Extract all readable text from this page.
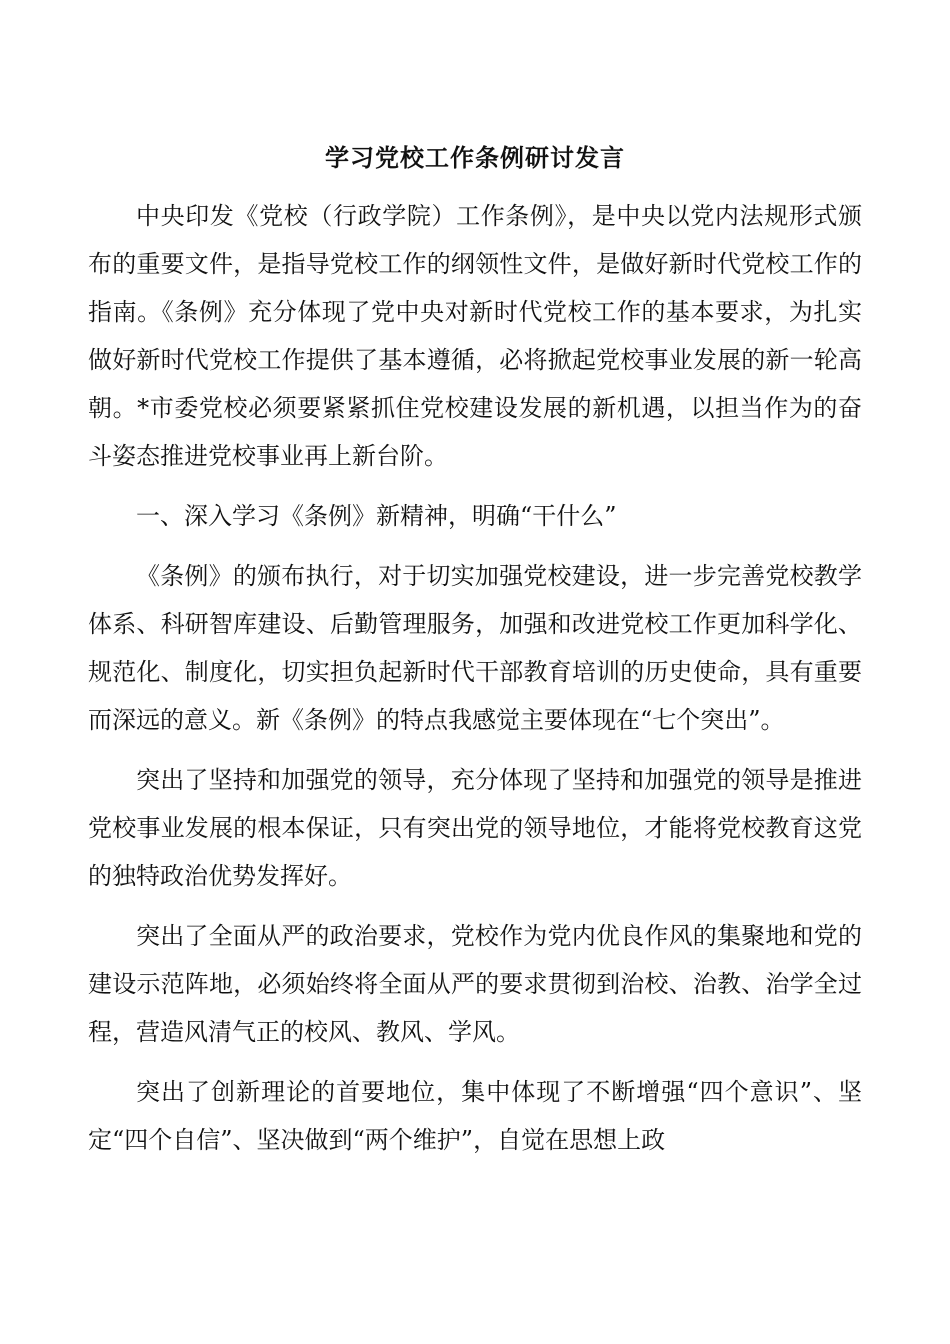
学习党校工作条例研讨发言

中央印发《党校（行政学院）工作条例》，是中央以党内法规形式颁布的重要文件，是指导党校工作的纲领性文件，是做好新时代党校工作的指南。《条例》充分体现了党中央对新时代党校工作的基本要求，为扎实做好新时代党校工作提供了基本遵循，必将掀起党校事业发展的新一轮高朝。*市委党校必须要紧紧抓住党校建设发展的新机遇，以担当作为的奋斗姿态推进党校事业再上新台阶。

一、深入学习《条例》新精神，明确“干什么”

《条例》的颁布执行，对于切实加强党校建设，进一步完善党校教学体系、科研智库建设、后勤管理服务，加强和改进党校工作更加科学化、规范化、制度化，切实担负起新时代干部教育培训的历史使命，具有重要而深远的意义。新《条例》的特点我感觉主要体现在“七个突出”。

突出了坚持和加强党的领导，充分体现了坚持和加强党的领导是推进党校事业发展的根本保证，只有突出党的领导地位，才能将党校教育这党的独特政治优势发挥好。

突出了全面从严的政治要求，党校作为党内优良作风的集聚地和党的建设示范阵地，必须始终将全面从严的要求贯彻到治校、治教、治学全过程，营造风清气正的校风、教风、学风。

突出了创新理论的首要地位，集中体现了不断增强“四个意识”、坚定“四个自信”、坚决做到“两个维护”，自觉在思想上政
